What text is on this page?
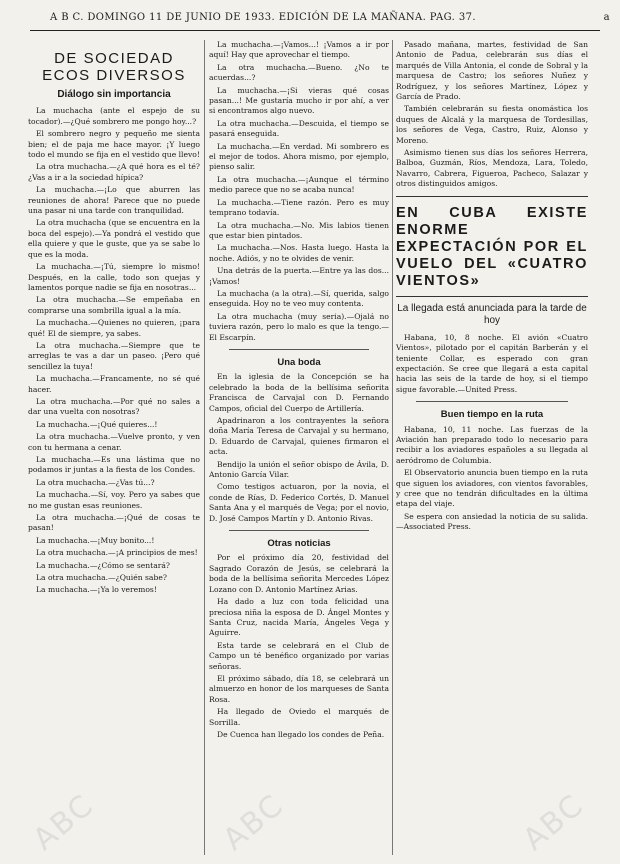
A B C. DOMINGO 11 DE JUNIO DE 1933. EDICIÓN DE LA MAÑANA. PAG. 37.	a
DE SOCIEDAD
ECOS DIVERSOS
Diálogo sin importancia

La muchacha (ante el espejo de su tocador).—¿Qué sombrero me pongo hoy...?

El sombrero negro y pequeño me sienta bien; el de paja me hace mayor. ¡Y luego todo el mundo se fija en el vestido que llevo!

La otra muchacha.—¿A qué hora es el té? ¿Vas a ir a la sociedad hípica?

La muchacha.—¡Lo que aburren las reuniones de ahora! Parece que no puede una pasar ni una tarde con tranquilidad.

La otra muchacha (que se encuentra en la boca del espejo).—Ya pondrá el vestido que ella quiere y que le guste, que ya se sabe lo que es la moda.

La muchacha.—¡Tú, siempre lo mismo! Después, en la calle, todo son quejas y lamentos porque nadie se fija en nosotras...

La otra muchacha.—Se empeñaba en comprarse una sombrilla igual a la mía.

La muchacha.—Quienes no quieren, ¡para qué! El de siempre, ya sabes.

La otra muchacha.—Siempre que te arreglas te vas a dar un paseo. ¡Pero qué sencillez la tuya!

La muchacha.—Francamente, no sé qué hacer.

La otra muchacha.—Por qué no sales a dar una vuelta con nosotras?

La muchacha.—¡Qué quieres...!

La otra muchacha.—Vuelve pronto, y ven con tu hermana a cenar.

La muchacha.—Es una lástima que no podamos ir juntas a la fiesta de los Condes.

La otra muchacha.—¿Vas tú...?

La muchacha.—Sí, voy. Pero ya sabes que no me gustan esas reuniones.

La otra muchacha.—¡Qué de cosas te pasan!

La muchacha.—¡Muy bonito...!

La otra muchacha.—¡A principios de mes!

La muchacha.—¿Cómo se sentará?

La otra muchacha.—¿Quién sabe?

La muchacha.—¡Ya lo veremos!

La muchacha.—¡Vamos...! ¡Vamos a ir por aquí! Hay que aprovechar el tiempo.

La otra muchacha.—Bueno. ¿No te acuerdas...?

La muchacha.—¡Si vieras qué cosas pasan...! Me gustaría mucho ir por ahí, a ver si encontramos algo nuevo.

La otra muchacha.—Descuida, el tiempo se pasará enseguida.

La muchacha.—En verdad. Mi sombrero es el mejor de todos. Ahora mismo, por ejemplo, pienso salir.

La otra muchacha.—¡Aunque el término medio parece que no se acaba nunca!

La muchacha.—Tiene razón. Pero es muy temprano todavía.

La otra muchacha.—No. Mis labios tienen que estar bien pintados.

La muchacha.—Nos. Hasta luego. Hasta la noche. Adiós, y no te olvides de venir.

Una detrás de la puerta.—Entre ya las dos... ¡Vamos!

La muchacha (a la otra).—Sí, querida, salgo enseguida. Hoy no te veo muy contenta.

La otra muchacha (muy seria).—Ojalá no tuviera razón, pero lo malo es que la tengo.—El Escarpín.

Una boda

En la iglesia de la Concepción se ha celebrado la boda de la bellísima señorita Francisca de Carvajal con D. Fernando Campos, oficial del Cuerpo de Artillería.

Apadrinaron a los contrayentes la señora doña María Teresa de Carvajal y su hermano, D. Eduardo de Carvajal, quienes firmaron el acta.

Bendijo la unión el señor obispo de Ávila, D. Antonio García Vilar.

Como testigos actuaron, por la novia, el conde de Rías, D. Federico Cortés, D. Manuel Santa Ana y el marqués de Vega; por el novio, D. José Campos Martín y D. Antonio Rivas.

Otras noticias

Por el próximo día 20, festividad del Sagrado Corazón de Jesús, se celebrará la boda de la bellísima señorita Mercedes López Lozano con D. Antonio Martínez Arias.

Ha dado a luz con toda felicidad una preciosa niña la esposa de D. Ángel Montes y Santa Cruz, nacida María, Ángeles Vega y Aguirre.

Esta tarde se celebrará en el Club de Campo un té benéfico organizado por varias señoras.

El próximo sábado, día 18, se celebrará un almuerzo en honor de los marqueses de Santa Rosa.

Ha llegado de Oviedo el marqués de Sorrilla.

De Cuenca han llegado los condes de Peña.

Pasado mañana, martes, festividad de San Antonio de Padua, celebrarán sus días el marqués de Villa Antonia, el conde de Sobral y la marquesa de Castro; los señores Nuñez y Rodríguez, y los señores Martínez, López y García de Prado.

También celebrarán su fiesta onomástica los duques de Alcalá y la marquesa de Tordesillas, los señores de Vega, Castro, Ruiz, Alonso y Moreno.

Asimismo tienen sus días los señores Herrera, Balboa, Guzmán, Ríos, Mendoza, Lara, Toledo, Navarro, Cabrera, Figueroa, Pacheco, Salazar y otros distinguidos amigos.

EN CUBA EXISTE ENORME EXPECTACIÓN POR EL VUELO DEL «CUATRO VIENTOS»
La llegada está anunciada para la tarde de hoy

Habana, 10, 8 noche. El avión «Cuatro Vientos», pilotado por el capitán Barberán y el teniente Collar, es esperado con gran expectación. Se cree que llegará a esta capital hacia las seis de la tarde de hoy, si el tiempo sigue favorable.—United Press.

Buen tiempo en la ruta

Habana, 10, 11 noche. Las fuerzas de la Aviación han preparado todo lo necesario para recibir a los aviadores españoles a su llegada al aeródromo de Columbia.

El Observatorio anuncia buen tiempo en la ruta que siguen los aviadores, con vientos favorables, y cree que no tendrán dificultades en la última etapa del viaje.

Se espera con ansiedad la noticia de su salida.—Associated Press.

ABC	ABC	ABC
